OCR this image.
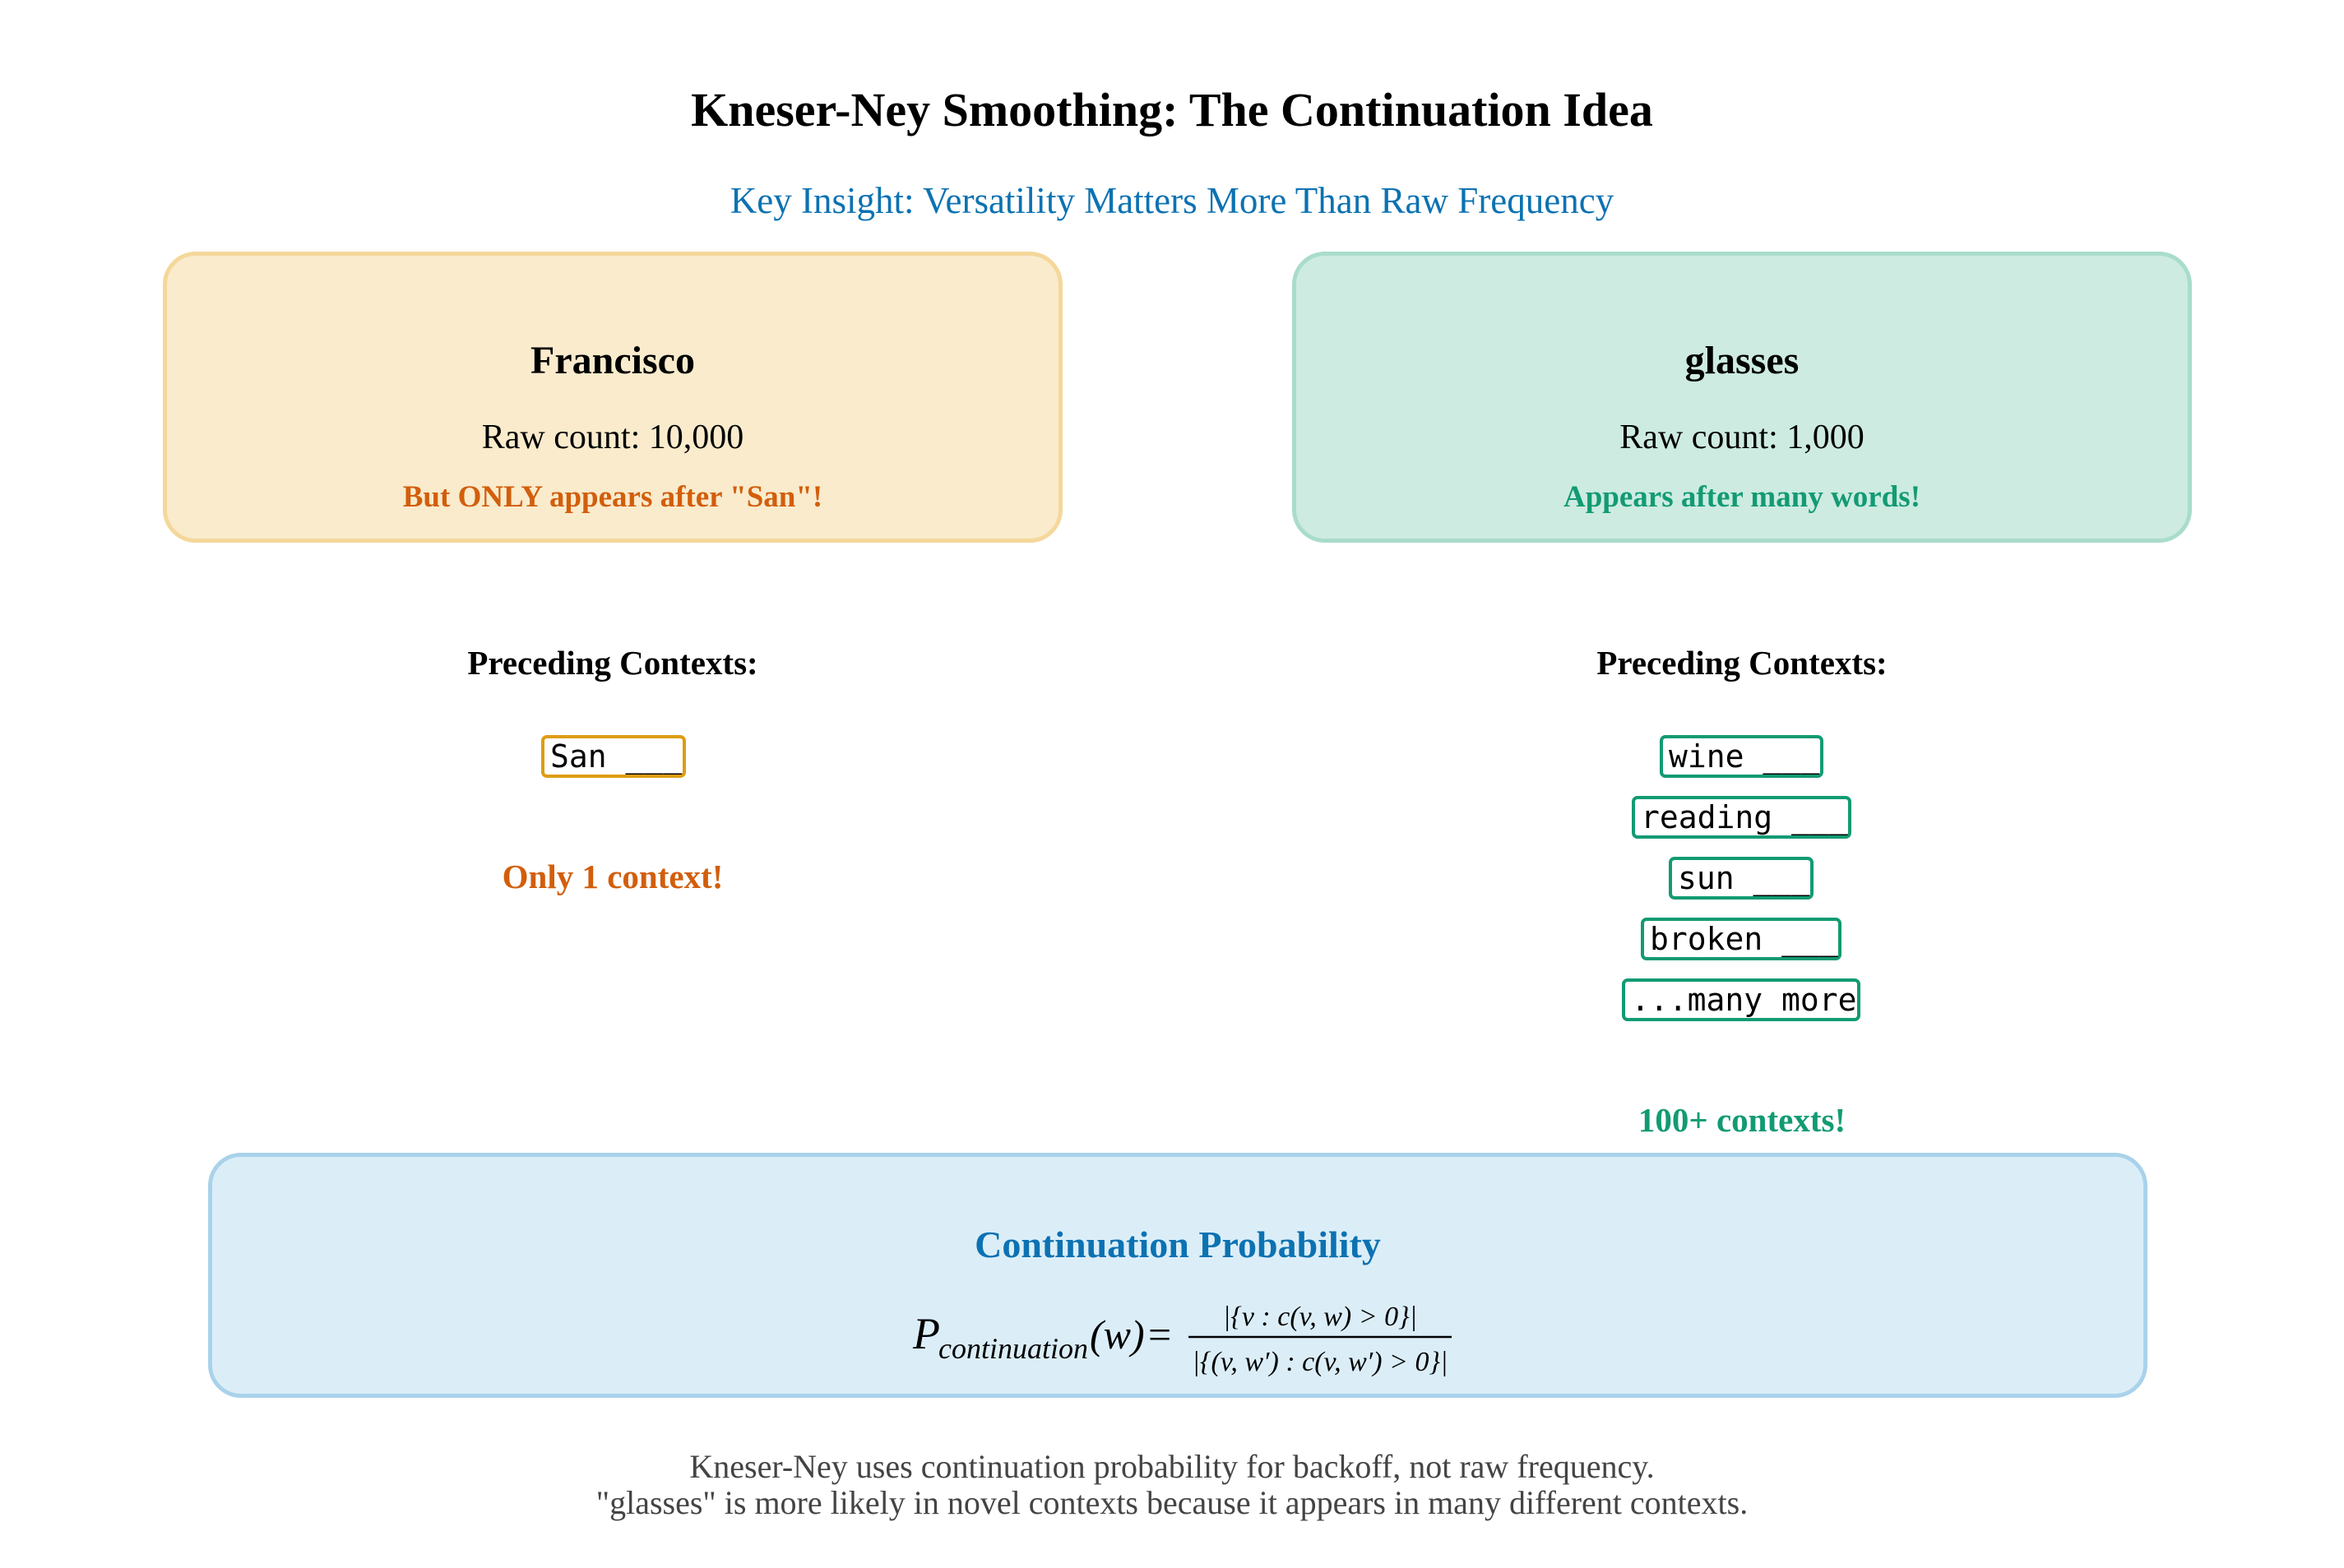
Kneser-Ney Smoothing: The Continuation Idea
Key Insight: Versatility Matters More Than Raw Frequency
Francisco
Raw count: 10,000
But ONLY appears after "San"!
glasses
Raw count: 1,000
Appears after many words!
Preceding Contexts:	Preceding Contexts:
San ___	wine ___
reading ___
sun ___
broken ___
...many more
Only 1 context!
100+ contexts!
Continuation Probability
P
continuation (w) = |{v : c(v, w) > 0}|
|{(v, w′) : c(v, w′) > 0}|
Kneser-Ney uses continuation probability for backoff, not raw frequency.
"glasses" is more likely in novel contexts because it appears in many different contexts.
